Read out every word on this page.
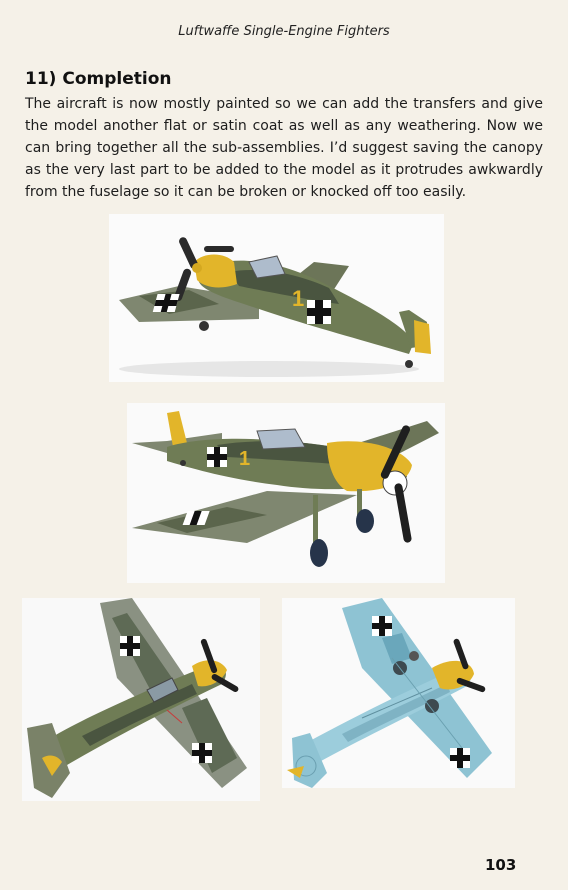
Luftwaffe Single-Engine Fighters
11) Completion

The aircraft is now mostly painted so we can add the transfers and give the model another flat or satin coat as well as any weathering. Now we can bring together all the sub-assemblies. I’d suggest saving the canopy as the very last part to be added to the model as it protrudes awkwardly from the fuselage so it can be broken or knocked off too easily.

1
1
103
